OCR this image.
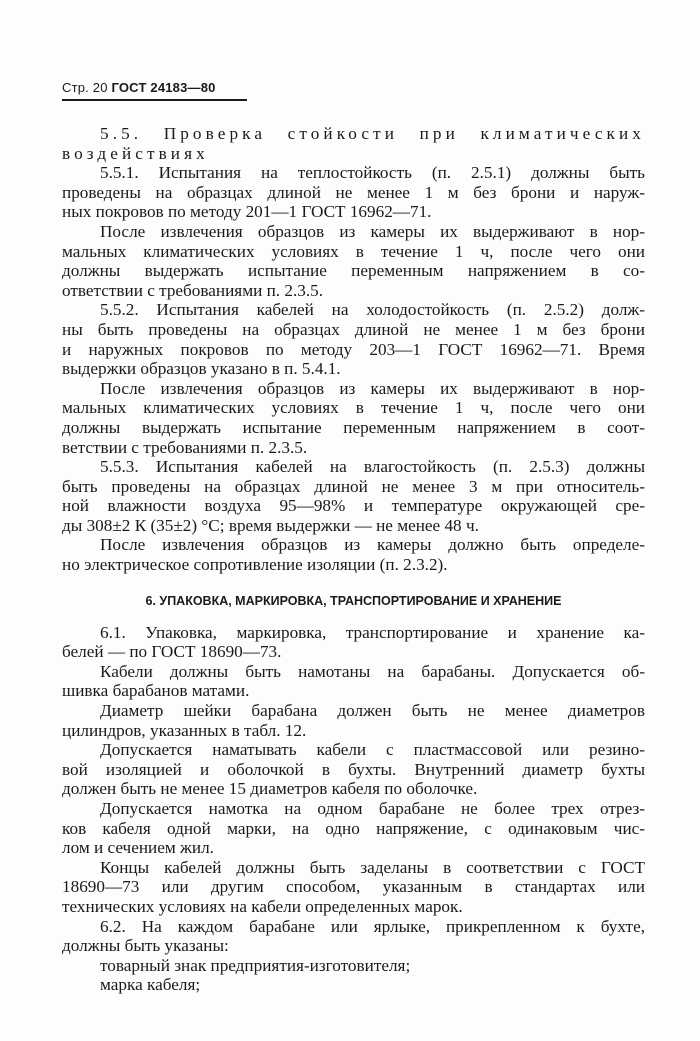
Стр. 20 ГОСТ 24183—80
5.5. Проверка стойкости при климатических
воздействиях
5.5.1. Испытания на теплостойкость (п. 2.5.1) должны быть
проведены на образцах длиной не менее 1 м без брони и наруж-
ных покровов по методу 201—1 ГОСТ 16962—71.
После извлечения образцов из камеры их выдерживают в нор-
мальных климатических условиях в течение 1 ч, после чего они
должны выдержать испытание переменным напряжением в со-
ответствии с требованиями п. 2.3.5.
5.5.2. Испытания кабелей на холодостойкость (п. 2.5.2) долж-
ны быть проведены на образцах длиной не менее 1 м без брони
и наружных покровов по методу 203—1 ГОСТ 16962—71. Время
выдержки образцов указано в п. 5.4.1.
После извлечения образцов из камеры их выдерживают в нор-
мальных климатических условиях в течение 1 ч, после чего они
должны выдержать испытание переменным напряжением в соот-
ветствии с требованиями п. 2.3.5.
5.5.3. Испытания кабелей на влагостойкость (п. 2.5.3) должны
быть проведены на образцах длиной не менее 3 м при относитель-
ной влажности воздуха 95—98% и температуре окружающей сре-
ды 308±2 К (35±2) °С; время выдержки — не менее 48 ч.
После извлечения образцов из камеры должно быть определе-
но электрическое сопротивление изоляции (п. 2.3.2).
6. УПАКОВКА, МАРКИРОВКА, ТРАНСПОРТИРОВАНИЕ И ХРАНЕНИЕ
6.1. Упаковка, маркировка, транспортирование и хранение ка-
белей — по ГОСТ 18690—73.
Кабели должны быть намотаны на барабаны. Допускается об-
шивка барабанов матами.
Диаметр шейки барабана должен быть не менее диаметров
цилиндров, указанных в табл. 12.
Допускается наматывать кабели с пластмассовой или резино-
вой изоляцией и оболочкой в бухты. Внутренний диаметр бухты
должен быть не менее 15 диаметров кабеля по оболочке.
Допускается намотка на одном барабане не более трех отрез-
ков кабеля одной марки, на одно напряжение, с одинаковым чис-
лом и сечением жил.
Концы кабелей должны быть заделаны в соответствии с ГОСТ
18690—73 или другим способом, указанным в стандартах или
технических условиях на кабели определенных марок.
6.2. На каждом барабане или ярлыке, прикрепленном к бухте,
должны быть указаны:
товарный знак предприятия-изготовителя;
марка кабеля;
